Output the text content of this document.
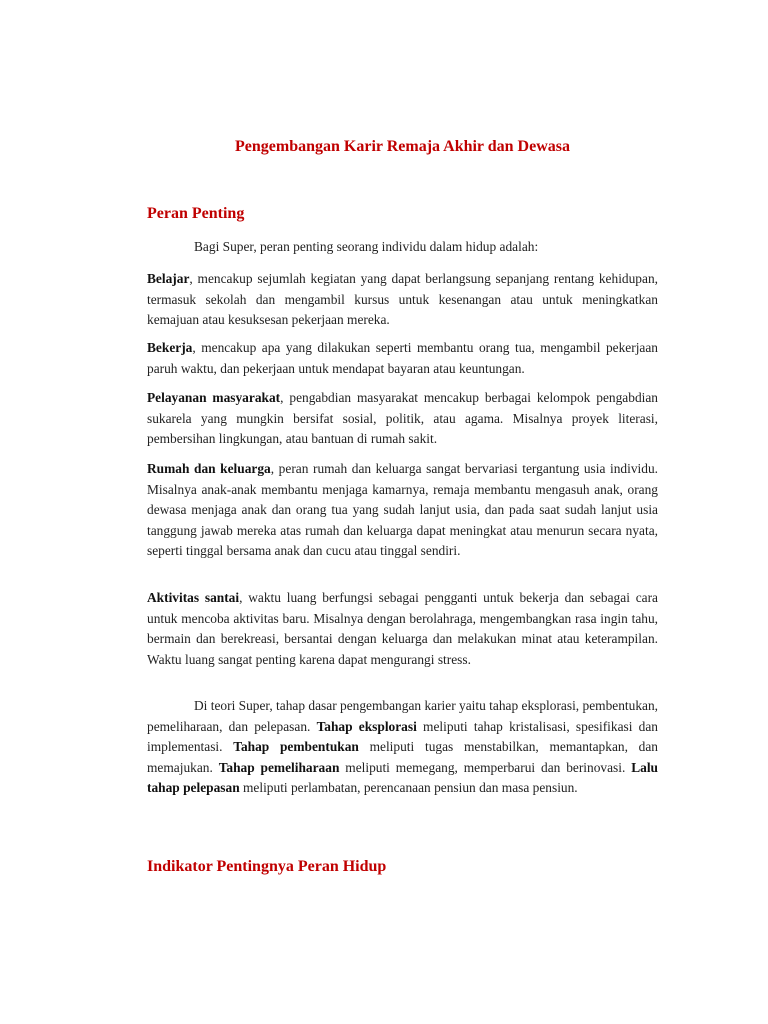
Pengembangan Karir Remaja Akhir dan Dewasa
Peran Penting

Bagi Super, peran penting seorang individu dalam hidup adalah:

Belajar, mencakup sejumlah kegiatan yang dapat berlangsung sepanjang rentang kehidupan, termasuk sekolah dan mengambil kursus untuk kesenangan atau untuk meningkatkan kemajuan atau kesuksesan pekerjaan mereka.

Bekerja, mencakup apa yang dilakukan seperti membantu orang tua, mengambil pekerjaan paruh waktu, dan pekerjaan untuk mendapat bayaran atau keuntungan.

Pelayanan masyarakat, pengabdian masyarakat mencakup berbagai kelompok pengabdian sukarela yang mungkin bersifat sosial, politik, atau agama. Misalnya proyek literasi, pembersihan lingkungan, atau bantuan di rumah sakit.

Rumah dan keluarga, peran rumah dan keluarga sangat bervariasi tergantung usia individu. Misalnya anak-anak membantu menjaga kamarnya, remaja membantu mengasuh anak, orang dewasa menjaga anak dan orang tua yang sudah lanjut usia, dan pada saat sudah lanjut usia tanggung jawab mereka atas rumah dan keluarga dapat meningkat atau menurun secara nyata, seperti tinggal bersama anak dan cucu atau tinggal sendiri.

Aktivitas santai, waktu luang berfungsi sebagai pengganti untuk bekerja dan sebagai cara untuk mencoba aktivitas baru. Misalnya dengan berolahraga, mengembangkan rasa ingin tahu, bermain dan berekreasi, bersantai dengan keluarga dan melakukan minat atau keterampilan. Waktu luang sangat penting karena dapat mengurangi stress.

Di teori Super, tahap dasar pengembangan karier yaitu tahap eksplorasi, pembentukan, pemeliharaan, dan pelepasan. Tahap eksplorasi meliputi tahap kristalisasi, spesifikasi dan implementasi. Tahap pembentukan meliputi tugas menstabilkan, memantapkan, dan memajukan. Tahap pemeliharaan meliputi memegang, memperbarui dan berinovasi. Lalu tahap pelepasan meliputi perlambatan, perencanaan pensiun dan masa pensiun.

Indikator Pentingnya Peran Hidup
